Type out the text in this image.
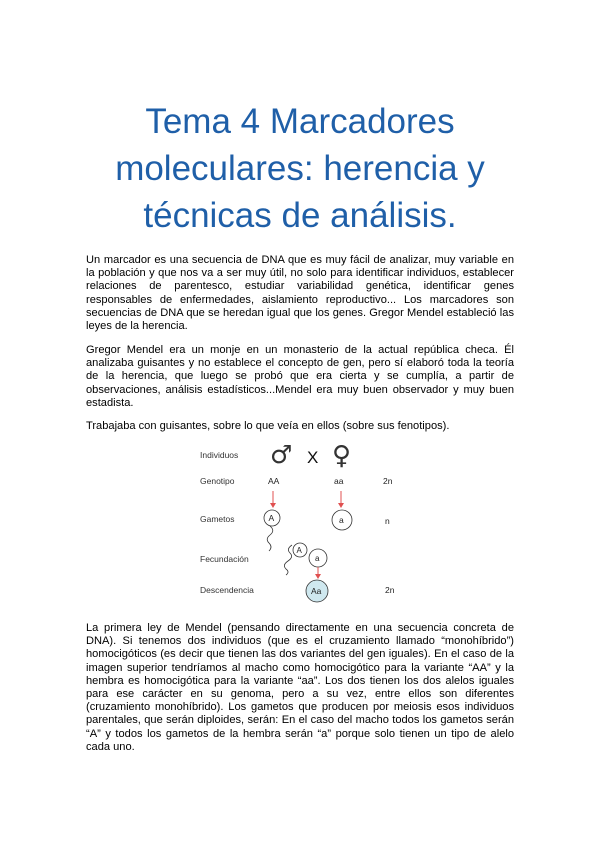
Tema 4 Marcadores
moleculares: herencia y
técnicas de análisis.

Un marcador es una secuencia de DNA que es muy fácil de analizar, muy variable en la población y que nos va a ser muy útil, no solo para identificar individuos, establecer relaciones de parentesco, estudiar variabilidad genética, identificar genes responsables de enfermedades, aislamiento reproductivo... Los marcadores son secuencias de DNA que se heredan igual que los genes. Gregor Mendel estableció las leyes de la herencia.

Gregor Mendel era un monje en un monasterio de la actual república checa. Él analizaba guisantes y no establece el concepto de gen, pero sí elaboró toda la teoría de la herencia, que luego se probó que era cierta y se cumplía, a partir de observaciones, análisis estadísticos...Mendel era muy buen observador y muy buen estadista.

Trabajaba con guisantes, sobre lo que veía en ellos (sobre sus fenotipos).

Individuos
Genotipo
Gametos
Fecundación
Descendencia
♂ X ♀
AA	aa	2n
n
2n
A	a
A
a
Aa

La primera ley de Mendel (pensando directamente en una secuencia concreta de DNA). Si tenemos dos individuos (que es el cruzamiento llamado “monohíbrido”) homocigóticos (es decir que tienen las dos variantes del gen iguales). En el caso de la imagen superior tendríamos al macho como homocigótico para la variante “AA” y la hembra es homocigótica para la variante “aa”. Los dos tienen los dos alelos iguales para ese carácter en su genoma, pero a su vez, entre ellos son diferentes (cruzamiento monohíbrido). Los gametos que producen por meiosis esos individuos parentales, que serán diploides, serán: En el caso del macho todos los gametos serán “A” y todos los gametos de la hembra serán “a” porque solo tienen un tipo de alelo cada uno.
